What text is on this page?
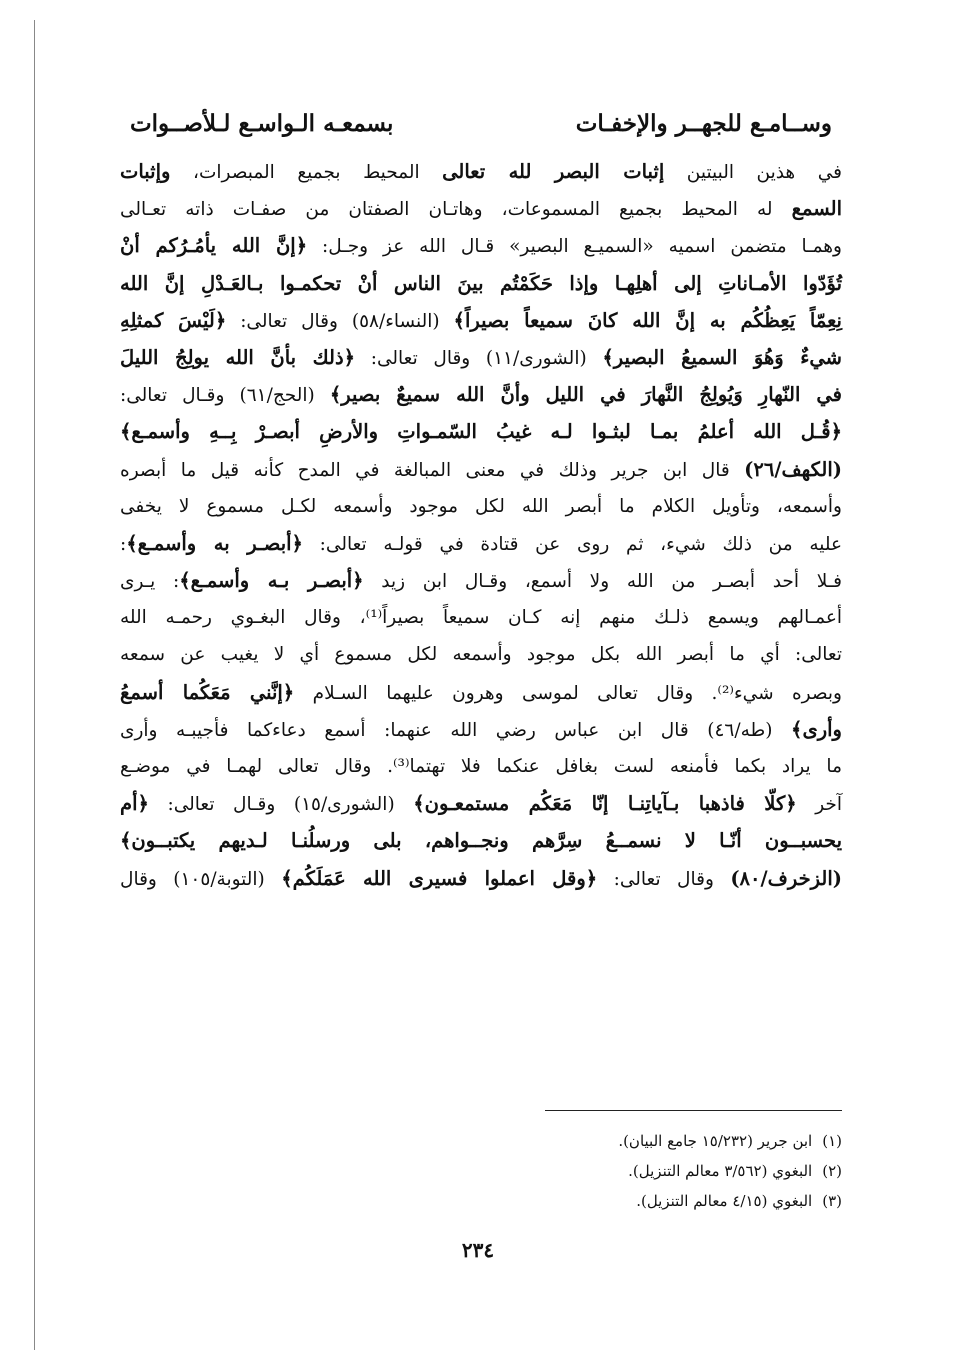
وســامـع للجهــر والإخفـات
بسمعـه الـواسـع لـلأصــوات
في هذين البيتين إثبات البصر لله تعالى المحيط بجميع المبصرات، وإثبات
السمع له المحيط بجميع المسموعات، وهاتـان الصفتان من صفـات ذاته تعـالى
وهمـا متضمن اسميه «السميـع البصير» قـال الله عز وجـل: ﴿إنَّ الله يأمُـرُكم أنْ
تُؤَدّوا الأمـاناتِ إلى أهلِهـا وإذا حَكَمْتُم بينَ الناس أنْ تحكمـوا بـالعَـدْلِ إنَّ الله
نِعِمّاً يَعِظُكُم به إنَّ الله كانَ سميعاً بصيراً﴾ (النساء/٥٨) وقال تعالى: ﴿لَيْسَ كمثلِهِ
شيءٌ وَهُوَ السميعُ البصير﴾ (الشورى/١١) وقال تعالى: ﴿ذلك بأنَّ الله يولِجُ الليلَ
في النّهارِ وَيُولِجُ النَّهارَ في الليل وأنَّ الله سميعٌ بصير﴾ (الحج/٦١) وقـال تعالى:
﴿قُـل الله أعلمُ بمـا لبثـوا لـه غيبُ السّمـواتِ والأرضِ أبصـرْ بِــهِ وأسمـع﴾
(الكهف/٢٦) قال ابن جرير وذلك في معنى المبالغة في المدح كأنه قيل ما أبصره
وأسمعه، وتأويل الكلام ما أبصر الله لكل موجود وأسمعه لكـل مسموع لا يخفى
عليه من ذلك شيء، ثم روى عن قتادة في قولـه تعالى: ﴿أبصـر به وأسمـع﴾:
فـلا أحد أبصـر من الله ولا أسمع، وقـال ابن زيد ﴿أبصـر بـه وأسمـع﴾: يـرى
أعمـالهم ويسمع ذلـك منهم إنه كـان سميعاً بصيراً⁽¹⁾، وقال البغـوي رحمـه الله
تعالى: أي ما أبصر الله بكل موجود وأسمعه لكل مسموع أي لا يغيب عن سمعه
وبصره شيء⁽²⁾. وقال تعالى لموسى وهرون عليهما السـلام ﴿إنَّني مَعَكُما أسمعُ
وأرى﴾ (طه/٤٦) قال ابن عباس رضي الله عنهما: أسمع دعاءكما فأجيبـه وأرى
ما يراد بكما فأمنعه لست بغافل عنكما فلا تهتما⁽³⁾. وقال تعالى لهمـا في موضـع
آخر ﴿كلّا فاذهبا بـآياتِنـا إنّا مَعَكُم مستمعـون﴾ (الشورى/١٥) وقـال تعالى: ﴿أم
يحسبــون أنّـا لا نسمــعُ سِرَّهم ونجــواهم، بلى ورسلُنـا لـديهم يكتبــون﴾
(الزخرف/٨٠) وقال تعالى: ﴿وقل اعملوا فسيرى الله عَمَلَكُم﴾ (التوبة/١٠٥) وقال
(١)ابن جرير (١٥/٢٣٢ جامع البيان).
(٢)البغوي (٣/٥٦٢ معالم التنزيل).
(٣)البغوي (٤/١٥ معالم التنزيل).
٢٣٤
